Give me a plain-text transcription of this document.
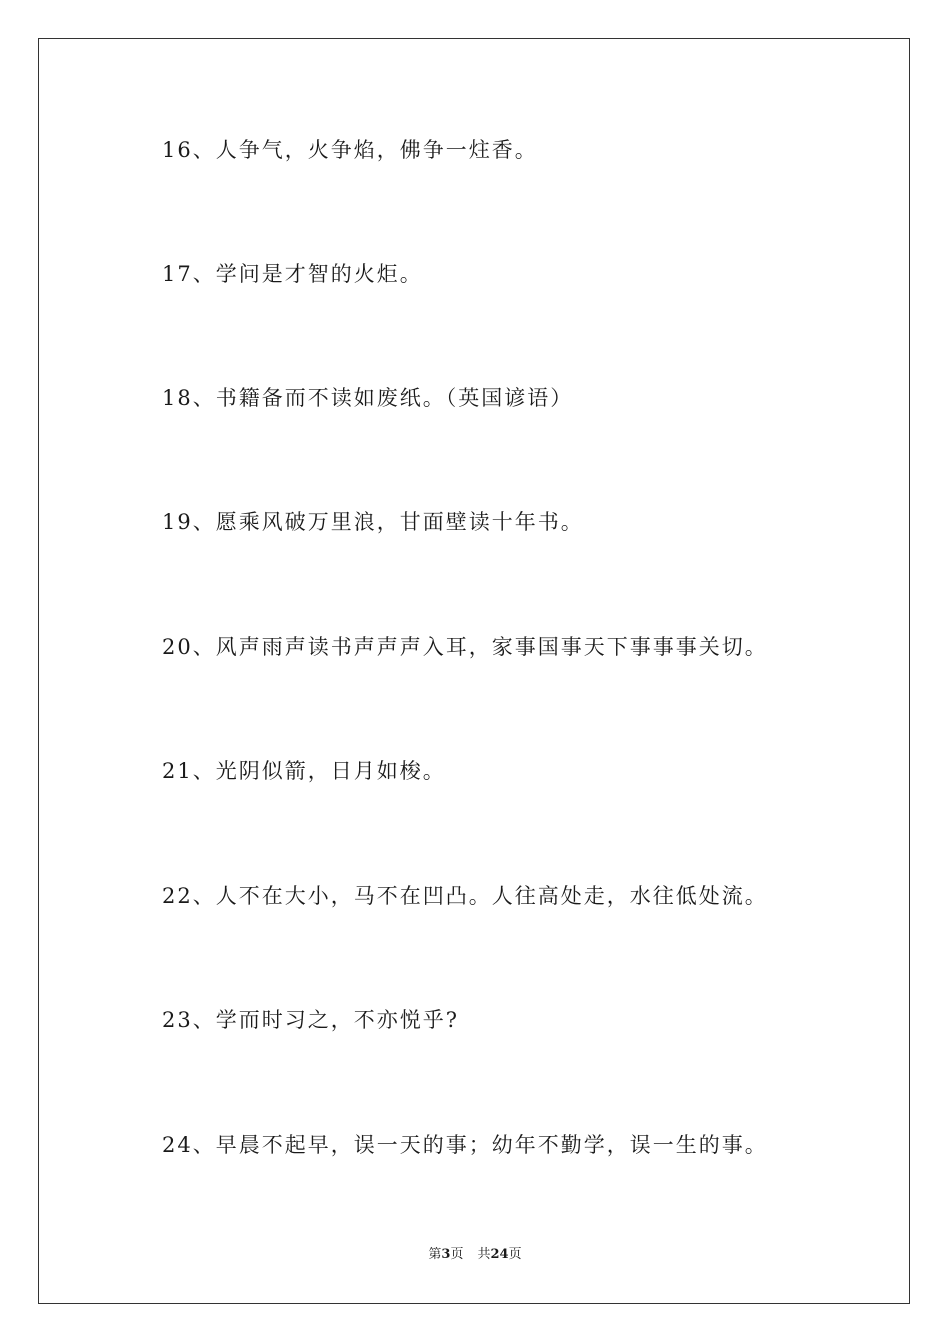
16、人争气，火争焰，佛争一炷香。
17、学问是才智的火炬。
18、书籍备而不读如废纸。（英国谚语）
19、愿乘风破万里浪，甘面壁读十年书。
20、风声雨声读书声声声入耳，家事国事天下事事事关切。
21、光阴似箭，日月如梭。
22、人不在大小，马不在凹凸。人往高处走，水往低处流。
23、学而时习之，不亦悦乎?
24、早晨不起早，误一天的事；幼年不勤学，误一生的事。
第3页 共24页
